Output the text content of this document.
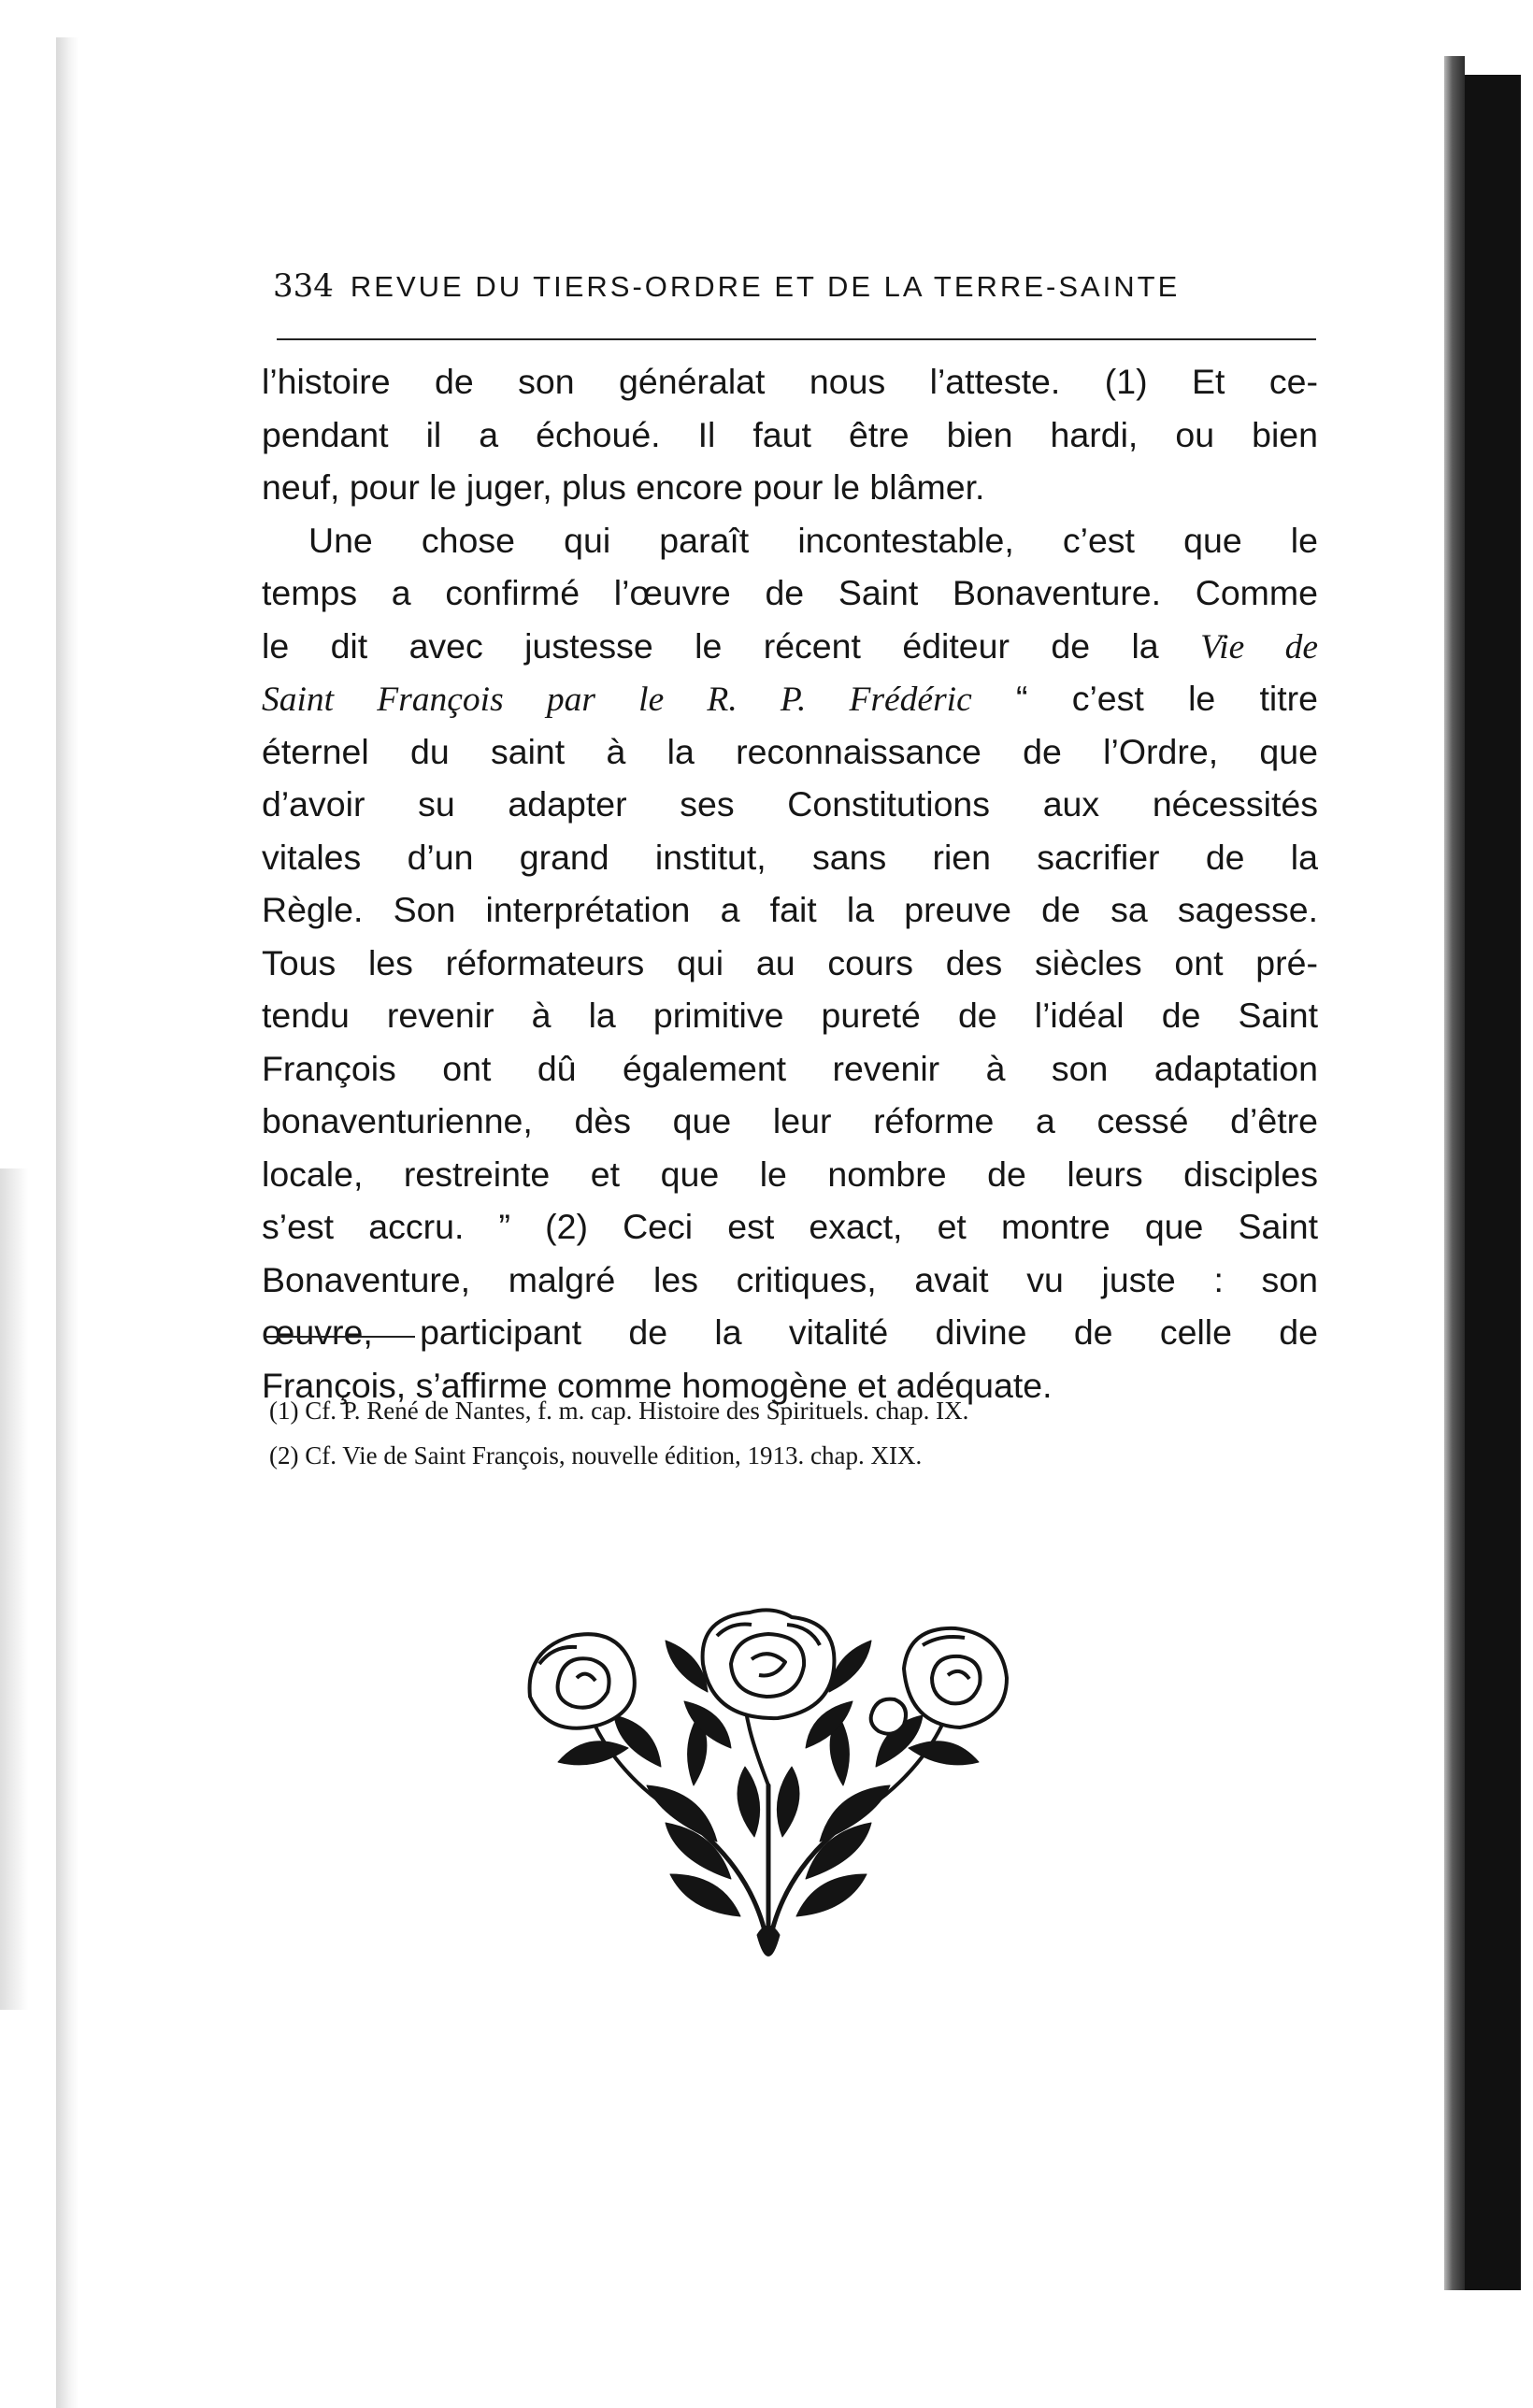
334 REVUE DU TIERS-ORDRE ET DE LA TERRE-SAINTE
l’histoire de son généralat nous l’atteste. (1) Et ce-
pendant il a échoué. Il faut être bien hardi, ou bien
neuf, pour le juger, plus encore pour le blâmer.
Une chose qui paraît incontestable, c’est que le
temps a confirmé l’œuvre de Saint Bonaventure. Comme
le dit avec justesse le récent éditeur de la Vie de
Saint François par le R. P. Frédéric “ c’est le titre
éternel du saint à la reconnaissance de l’Ordre, que
d’avoir su adapter ses Constitutions aux nécessités
vitales d’un grand institut, sans rien sacrifier de la
Règle. Son interprétation a fait la preuve de sa sagesse.
Tous les réformateurs qui au cours des siècles ont pré-
tendu revenir à la primitive pureté de l’idéal de Saint
François ont dû également revenir à son adaptation
bonaventurienne, dès que leur réforme a cessé d’être
locale, restreinte et que le nombre de leurs disciples
s’est accru. ” (2) Ceci est exact, et montre que Saint
Bonaventure, malgré les critiques, avait vu juste : son
œuvre, participant de la vitalité divine de celle de
François, s’affirme comme homogène et adéquate.
(1) Cf. P. René de Nantes, f. m. cap. Histoire des Spirituels. chap. IX.
(2) Cf. Vie de Saint François, nouvelle édition, 1913. chap. XIX.
